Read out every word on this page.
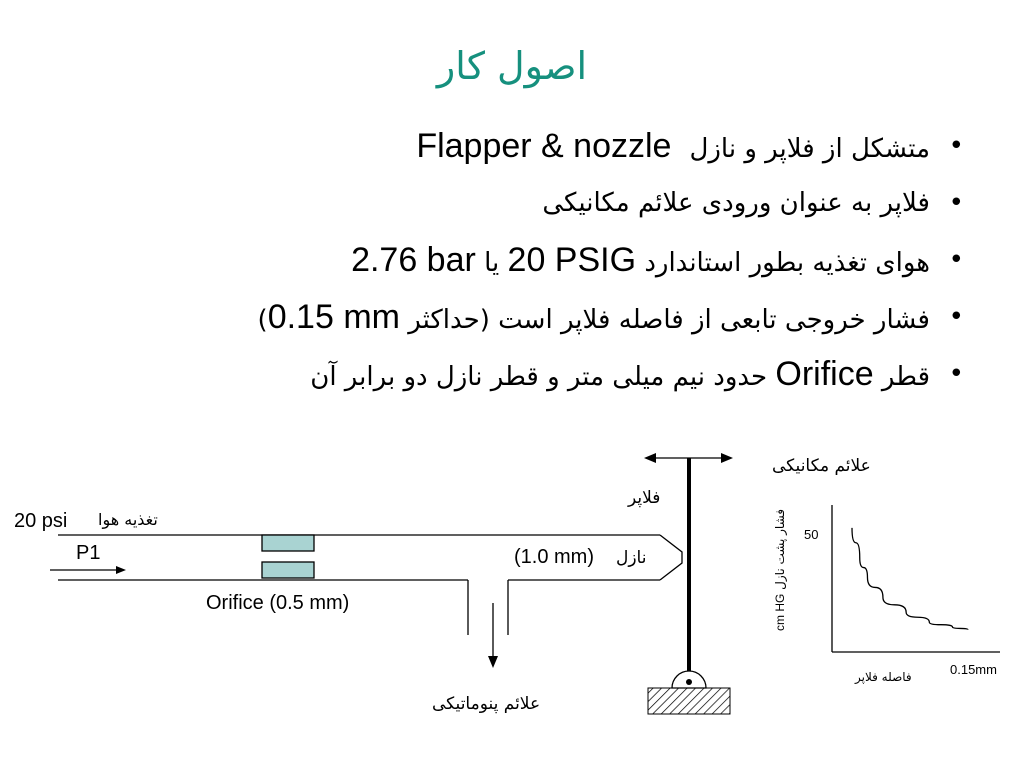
اصول کار
•
متشکل از فلاپر و نازلFlapper & nozzle
•
فلاپر به عنوان ورودی علائم مکانیکی
•
هوای تغذیه بطور استاندارد 20 PSIG یا 2.76 bar
•
فشار خروجی تابعی از فاصله فلاپر است (حداکثر 0.15 mm)
•
قطر Orifice حدود نیم میلی متر و قطر نازل دو برابر آن
20 psi تغذیه هوا
P1
Orifice (0.5 mm)
(1.0 mm) نازل
فلاپر
علائم پنوماتیکی
علائم مکانیکی
50
0.15mm
فاصله فلاپر
cm HG فشار پشت نازل
